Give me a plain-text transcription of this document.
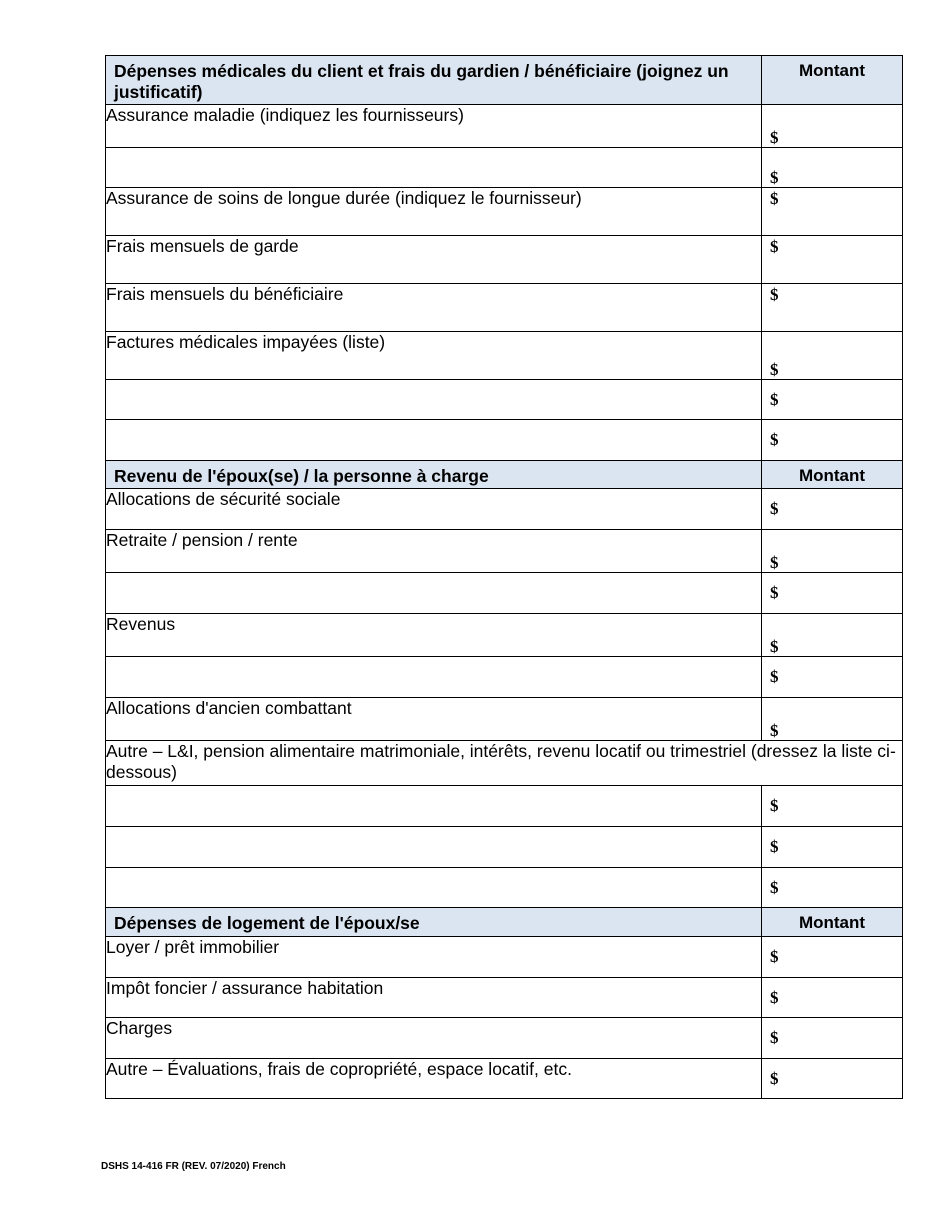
Dépenses médicales du client et frais du gardien / bénéficiaire (joignez un justificatif)	Montant
Assurance maladie (indiquez les fournisseurs)	$

	$

Assurance de soins de longue durée (indiquez le fournisseur)	$

Frais mensuels de garde	$

Frais mensuels du bénéficiaire	$

Factures médicales impayées (liste)	$

	$

	$

Revenu de l'époux(se) / la personne à charge	Montant
Allocations de sécurité sociale	$

Retraite / pension / rente	$

	$

Revenus	$

	$

Allocations d'ancien combattant	$

Autre – L&I, pension alimentaire matrimoniale, intérêts, revenu locatif ou trimestriel (dressez la liste ci-dessous)	

	$

	$

	$

Dépenses de logement de l'époux/se	Montant
Loyer / prêt immobilier	$

Impôt foncier / assurance habitation	$

Charges	$

Autre – Évaluations, frais de copropriété, espace locatif, etc.	$
DSHS 14-416 FR (REV. 07/2020) French
